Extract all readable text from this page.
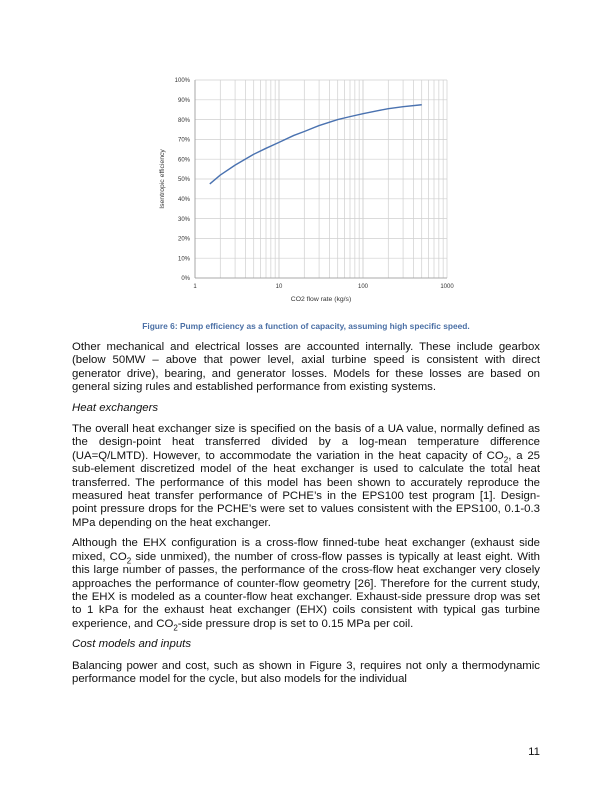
0%
10%
20%
30%
40%
50%
60%
70%
80%
90%
100%
1	10	100	1000
CO2 flow rate (kg/s)
Isentropic efficiency
Figure 6: Pump efficiency as a function of capacity, assuming high specific speed.

Other mechanical and electrical losses are accounted internally. These include gearbox (below 50MW – above that power level, axial turbine speed is consistent with direct generator drive), bearing, and generator losses. Models for these losses are based on general sizing rules and established performance from existing systems.

Heat exchangers

The overall heat exchanger size is specified on the basis of a UA value, normally defined as the design-point heat transferred divided by a log-mean temperature difference (UA=Q/LMTD). However, to accommodate the variation in the heat capacity of $CO_2$, a 25 sub-element discretized model of the heat exchanger is used to calculate the total heat transferred. The performance of this model has been shown to accurately reproduce the measured heat transfer performance of PCHE’s in the EPS100 test program [1]. Design-point pressure drops for the PCHE’s were set to values consistent with the EPS100, 0.1-0.3 MPa depending on the heat exchanger.

Although the EHX configuration is a cross-flow finned-tube heat exchanger (exhaust side mixed, $CO_2$ side unmixed), the number of cross-flow passes is typically at least eight. With this large number of passes, the performance of the cross-flow heat exchanger very closely approaches the performance of counter-flow geometry [26]. Therefore for the current study, the EHX is modeled as a counter-flow heat exchanger. Exhaust-side pressure drop was set to 1 kPa for the exhaust heat exchanger (EHX) coils consistent with typical gas turbine experience, and $CO_2$-side pressure drop is set to 0.15 MPa per coil.

Cost models and inputs

Balancing power and cost, such as shown in Figure 3, requires not only a thermodynamic performance model for the cycle, but also models for the individual

11
